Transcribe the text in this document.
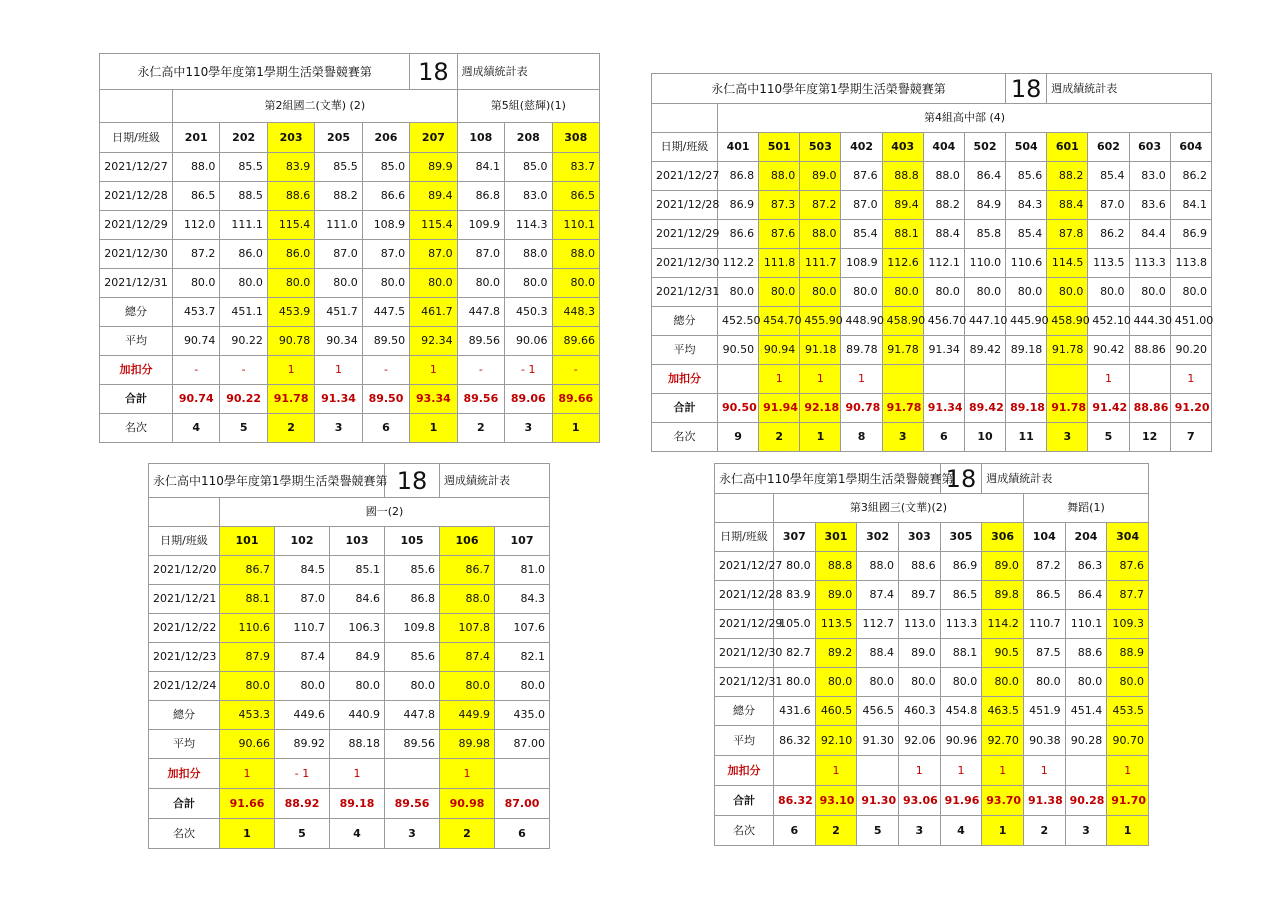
永仁高中110學年度第1學期生活榮譽競賽第						18	週成績統計表		
	第2組國二(文華) (2)						第5組(慈輝)(1)		
日期/班級	201	202	203	205	206	207	108	208	308
2021/12/27	88.0	85.5	83.9	85.5	85.0	89.9	84.1	85.0	83.7
2021/12/28	86.5	88.5	88.6	88.2	86.6	89.4	86.8	83.0	86.5
2021/12/29	112.0	111.1	115.4	111.0	108.9	115.4	109.9	114.3	110.1
2021/12/30	87.2	86.0	86.0	87.0	87.0	87.0	87.0	88.0	88.0
2021/12/31	80.0	80.0	80.0	80.0	80.0	80.0	80.0	80.0	80.0
總分	453.7	451.1	453.9	451.7	447.5	461.7	447.8	450.3	448.3
平均	90.74	90.22	90.78	90.34	89.50	92.34	89.56	90.06	89.66
加扣分	-	-	1	1	-	1	-	- 1	-
合計	90.74	90.22	91.78	91.34	89.50	93.34	89.56	89.06	89.66
名次	4	5	2	3	6	1	2	3	1
永仁高中110學年度第1學期生活榮譽競賽第								18	週成績統計表			
	第4組高中部 (4)											
日期/班級	401	501	503	402	403	404	502	504	601	602	603	604
2021/12/27	86.8	88.0	89.0	87.6	88.8	88.0	86.4	85.6	88.2	85.4	83.0	86.2
2021/12/28	86.9	87.3	87.2	87.0	89.4	88.2	84.9	84.3	88.4	87.0	83.6	84.1
2021/12/29	86.6	87.6	88.0	85.4	88.1	88.4	85.8	85.4	87.8	86.2	84.4	86.9
2021/12/30	112.2	111.8	111.7	108.9	112.6	112.1	110.0	110.6	114.5	113.5	113.3	113.8
2021/12/31	80.0	80.0	80.0	80.0	80.0	80.0	80.0	80.0	80.0	80.0	80.0	80.0
總分	452.50	454.70	455.90	448.90	458.90	456.70	447.10	445.90	458.90	452.10	444.30	451.00
平均	90.50	90.94	91.18	89.78	91.78	91.34	89.42	89.18	91.78	90.42	88.86	90.20
加扣分		1	1	1						1		1
合計	90.50	91.94	92.18	90.78	91.78	91.34	89.42	89.18	91.78	91.42	88.86	91.20
名次	9	2	1	8	3	6	10	11	3	5	12	7
永仁高中110學年度第1學期生活榮譽競賽第				18	週成績統計表	
	國一(2)					
日期/班級	101	102	103	105	106	107
2021/12/20	86.7	84.5	85.1	85.6	86.7	81.0
2021/12/21	88.1	87.0	84.6	86.8	88.0	84.3
2021/12/22	110.6	110.7	106.3	109.8	107.8	107.6
2021/12/23	87.9	87.4	84.9	85.6	87.4	82.1
2021/12/24	80.0	80.0	80.0	80.0	80.0	80.0
總分	453.3	449.6	440.9	447.8	449.9	435.0
平均	90.66	89.92	88.18	89.56	89.98	87.00
加扣分	1	- 1	1		1	
合計	91.66	88.92	89.18	89.56	90.98	87.00
名次	1	5	4	3	2	6
永仁高中110學年度第1學期生活榮譽競賽第					18	週成績統計表			
	第3組國三(文華)(2)						舞蹈(1)		
日期/班級	307	301	302	303	305	306	104	204	304
2021/12/27	80.0	88.8	88.0	88.6	86.9	89.0	87.2	86.3	87.6
2021/12/28	83.9	89.0	87.4	89.7	86.5	89.8	86.5	86.4	87.7
2021/12/29	105.0	113.5	112.7	113.0	113.3	114.2	110.7	110.1	109.3
2021/12/30	82.7	89.2	88.4	89.0	88.1	90.5	87.5	88.6	88.9
2021/12/31	80.0	80.0	80.0	80.0	80.0	80.0	80.0	80.0	80.0
總分	431.6	460.5	456.5	460.3	454.8	463.5	451.9	451.4	453.5
平均	86.32	92.10	91.30	92.06	90.96	92.70	90.38	90.28	90.70
加扣分		1		1	1	1	1		1
合計	86.32	93.10	91.30	93.06	91.96	93.70	91.38	90.28	91.70
名次	6	2	5	3	4	1	2	3	1
